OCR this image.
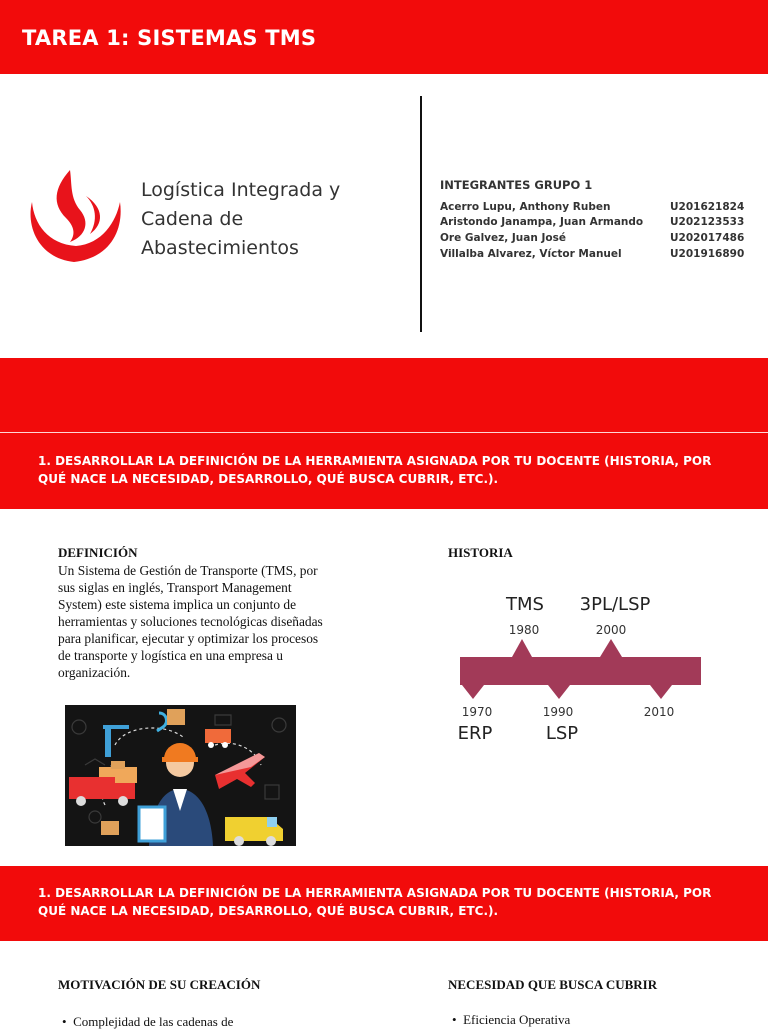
TAREA 1: SISTEMAS TMS
Logística Integrada y
Cadena de
Abastecimientos
INTEGRANTES GRUPO 1
Acerro Lupu, Anthony Ruben	U201621824
Aristondo Janampa, Juan Armando	U202123533
Ore Galvez, Juan José	U202017486
Villalba Alvarez, Víctor Manuel	U201916890
1. DESARROLLAR LA DEFINICIÓN DE LA HERRAMIENTA ASIGNADA POR TU DOCENTE (HISTORIA, POR QUÉ NACE LA NECESIDAD, DESARROLLO, QUÉ BUSCA CUBRIR, ETC.).
DEFINICIÓN
Un Sistema de Gestión de Transporte (TMS, por sus siglas en inglés, Transport Management System) este sistema implica un conjunto de herramientas y soluciones tecnológicas diseñadas para planificar, ejecutar y optimizar los procesos de transporte y logística en una empresa u organización.
HISTORIA
TMS
1980
3PL/LSP
2000
1970
ERP
1990
LSP
2010
1. DESARROLLAR LA DEFINICIÓN DE LA HERRAMIENTA ASIGNADA POR TU DOCENTE (HISTORIA, POR QUÉ NACE LA NECESIDAD, DESARROLLO, QUÉ BUSCA CUBRIR, ETC.).
MOTIVACIÓN DE SU CREACIÓN
•  Complejidad de las cadenas de
NECESIDAD QUE BUSCA CUBRIR
•  Eficiencia Operativa
